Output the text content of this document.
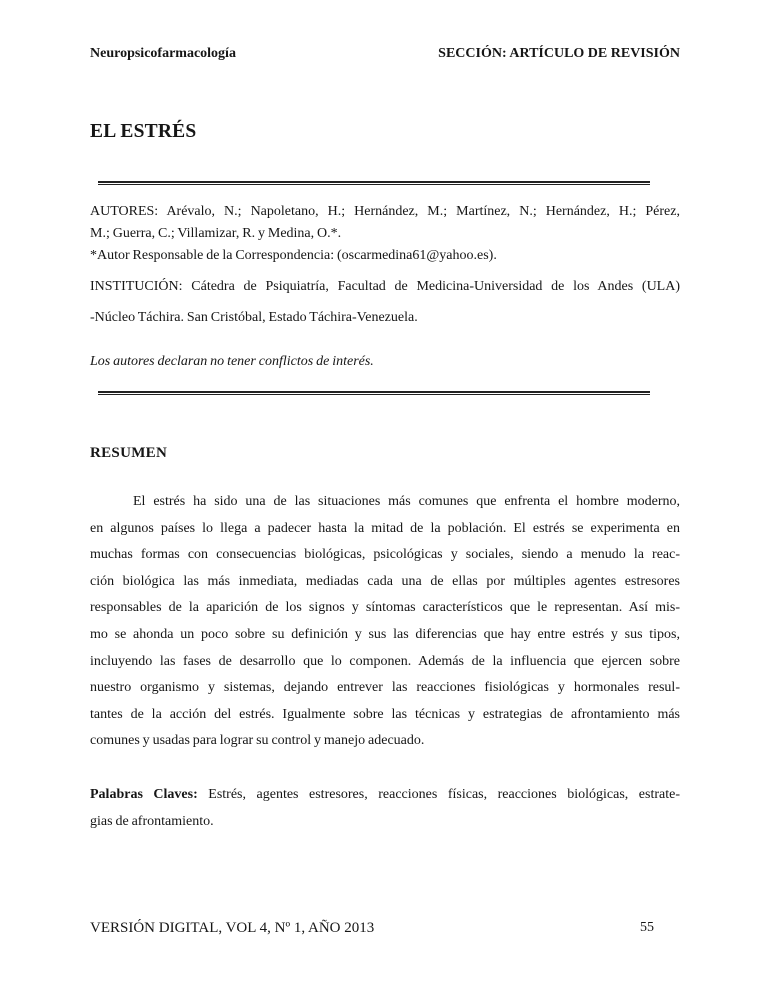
Neuropsicofarmacología	SECCIÓN: ARTÍCULO DE REVISIÓN
EL ESTRÉS
AUTORES: Arévalo, N.; Napoletano, H.; Hernández, M.; Martínez, N.; Hernández, H.; Pérez,
M.; Guerra, C.; Villamizar, R. y Medina, O.*.
*Autor Responsable de la Correspondencia: (oscarmedina61@yahoo.es).
INSTITUCIÓN: Cátedra de Psiquiatría, Facultad de Medicina-Universidad de los Andes (ULA)
-Núcleo Táchira. San Cristóbal, Estado Táchira-Venezuela.
Los autores declaran no tener conflictos de interés.
RESUMEN
El estrés ha sido una de las situaciones más comunes que enfrenta el hombre moderno,
en algunos países lo llega a padecer hasta la mitad de la población. El estrés se experimenta en
muchas formas con consecuencias biológicas, psicológicas y sociales, siendo a menudo la reac-
ción biológica las más inmediata, mediadas cada una de ellas por múltiples agentes estresores
responsables de la aparición de los signos y síntomas característicos que le representan. Así mis-
mo se ahonda un poco sobre su definición y sus las diferencias que hay entre estrés y sus tipos,
incluyendo las fases de desarrollo que lo componen. Además de la influencia que ejercen sobre
nuestro organismo y sistemas, dejando entrever las reacciones fisiológicas y hormonales resul-
tantes de la acción del estrés. Igualmente sobre las técnicas y estrategias de afrontamiento más
comunes y usadas para lograr su control y manejo adecuado.
Palabras Claves: Estrés, agentes estresores, reacciones físicas, reacciones biológicas, estrate-
gias de afrontamiento.
VERSIÓN DIGITAL, VOL 4, Nº 1, AÑO 2013	55
